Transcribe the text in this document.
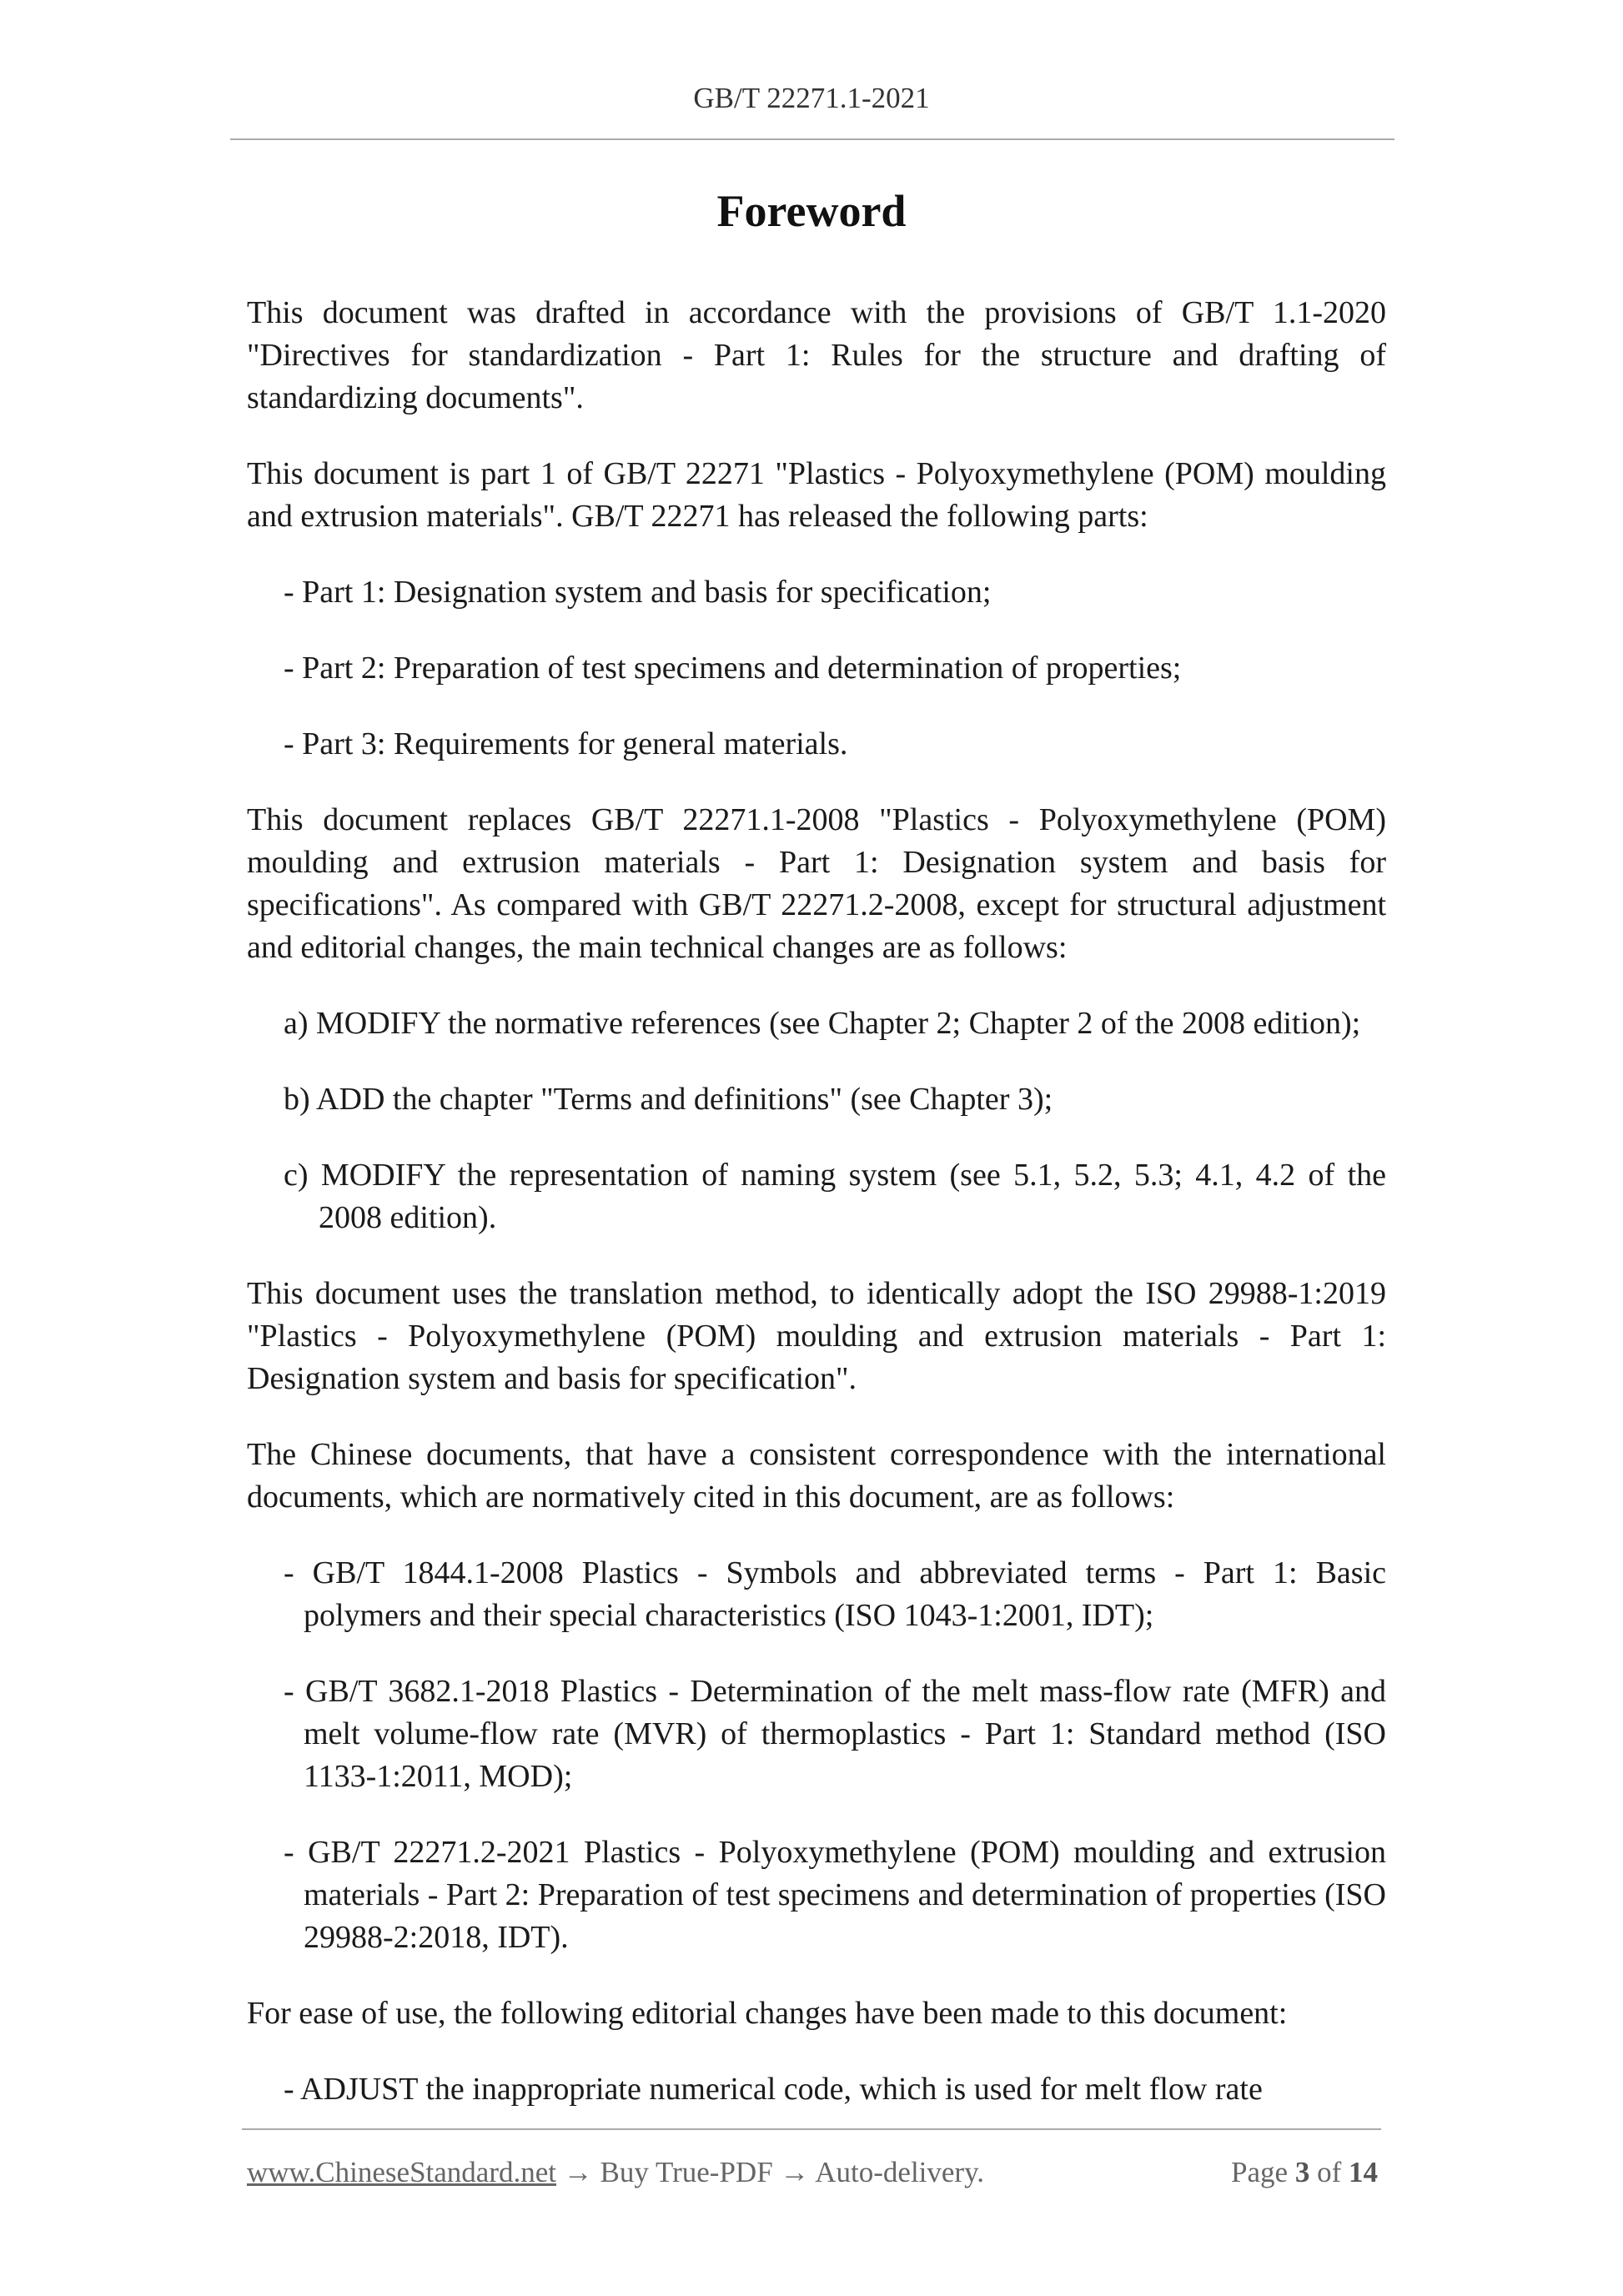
GB/T 22271.1-2021
Foreword

This document was drafted in accordance with the provisions of GB/T 1.1-2020 "Directives for standardization - Part 1: Rules for the structure and drafting of standardizing documents".

This document is part 1 of GB/T 22271 "Plastics - Polyoxymethylene (POM) moulding and extrusion materials". GB/T 22271 has released the following parts:

- Part 1: Designation system and basis for specification;

- Part 2: Preparation of test specimens and determination of properties;

- Part 3: Requirements for general materials.

This document replaces GB/T 22271.1-2008 "Plastics - Polyoxymethylene (POM) moulding and extrusion materials - Part 1: Designation system and basis for specifications". As compared with GB/T 22271.2-2008, except for structural adjustment and editorial changes, the main technical changes are as follows:

a) MODIFY the normative references (see Chapter 2; Chapter 2 of the 2008 edition);

b) ADD the chapter "Terms and definitions" (see Chapter 3);

c) MODIFY the representation of naming system (see 5.1, 5.2, 5.3; 4.1, 4.2 of the 2008 edition).

This document uses the translation method, to identically adopt the ISO 29988-1:2019 "Plastics - Polyoxymethylene (POM) moulding and extrusion materials - Part 1: Designation system and basis for specification".

The Chinese documents, that have a consistent correspondence with the international documents, which are normatively cited in this document, are as follows:

- GB/T 1844.1-2008 Plastics - Symbols and abbreviated terms - Part 1: Basic polymers and their special characteristics (ISO 1043-1:2001, IDT);

- GB/T 3682.1-2018 Plastics - Determination of the melt mass-flow rate (MFR) and melt volume-flow rate (MVR) of thermoplastics - Part 1: Standard method (ISO 1133-1:2011, MOD);

- GB/T 22271.2-2021 Plastics - Polyoxymethylene (POM) moulding and extrusion materials - Part 2: Preparation of test specimens and determination of properties (ISO 29988-2:2018, IDT).

For ease of use, the following editorial changes have been made to this document:

- ADJUST the inappropriate numerical code, which is used for melt flow rate

www.ChineseStandard.net → Buy True-PDF → Auto-delivery.	Page 3 of 14
